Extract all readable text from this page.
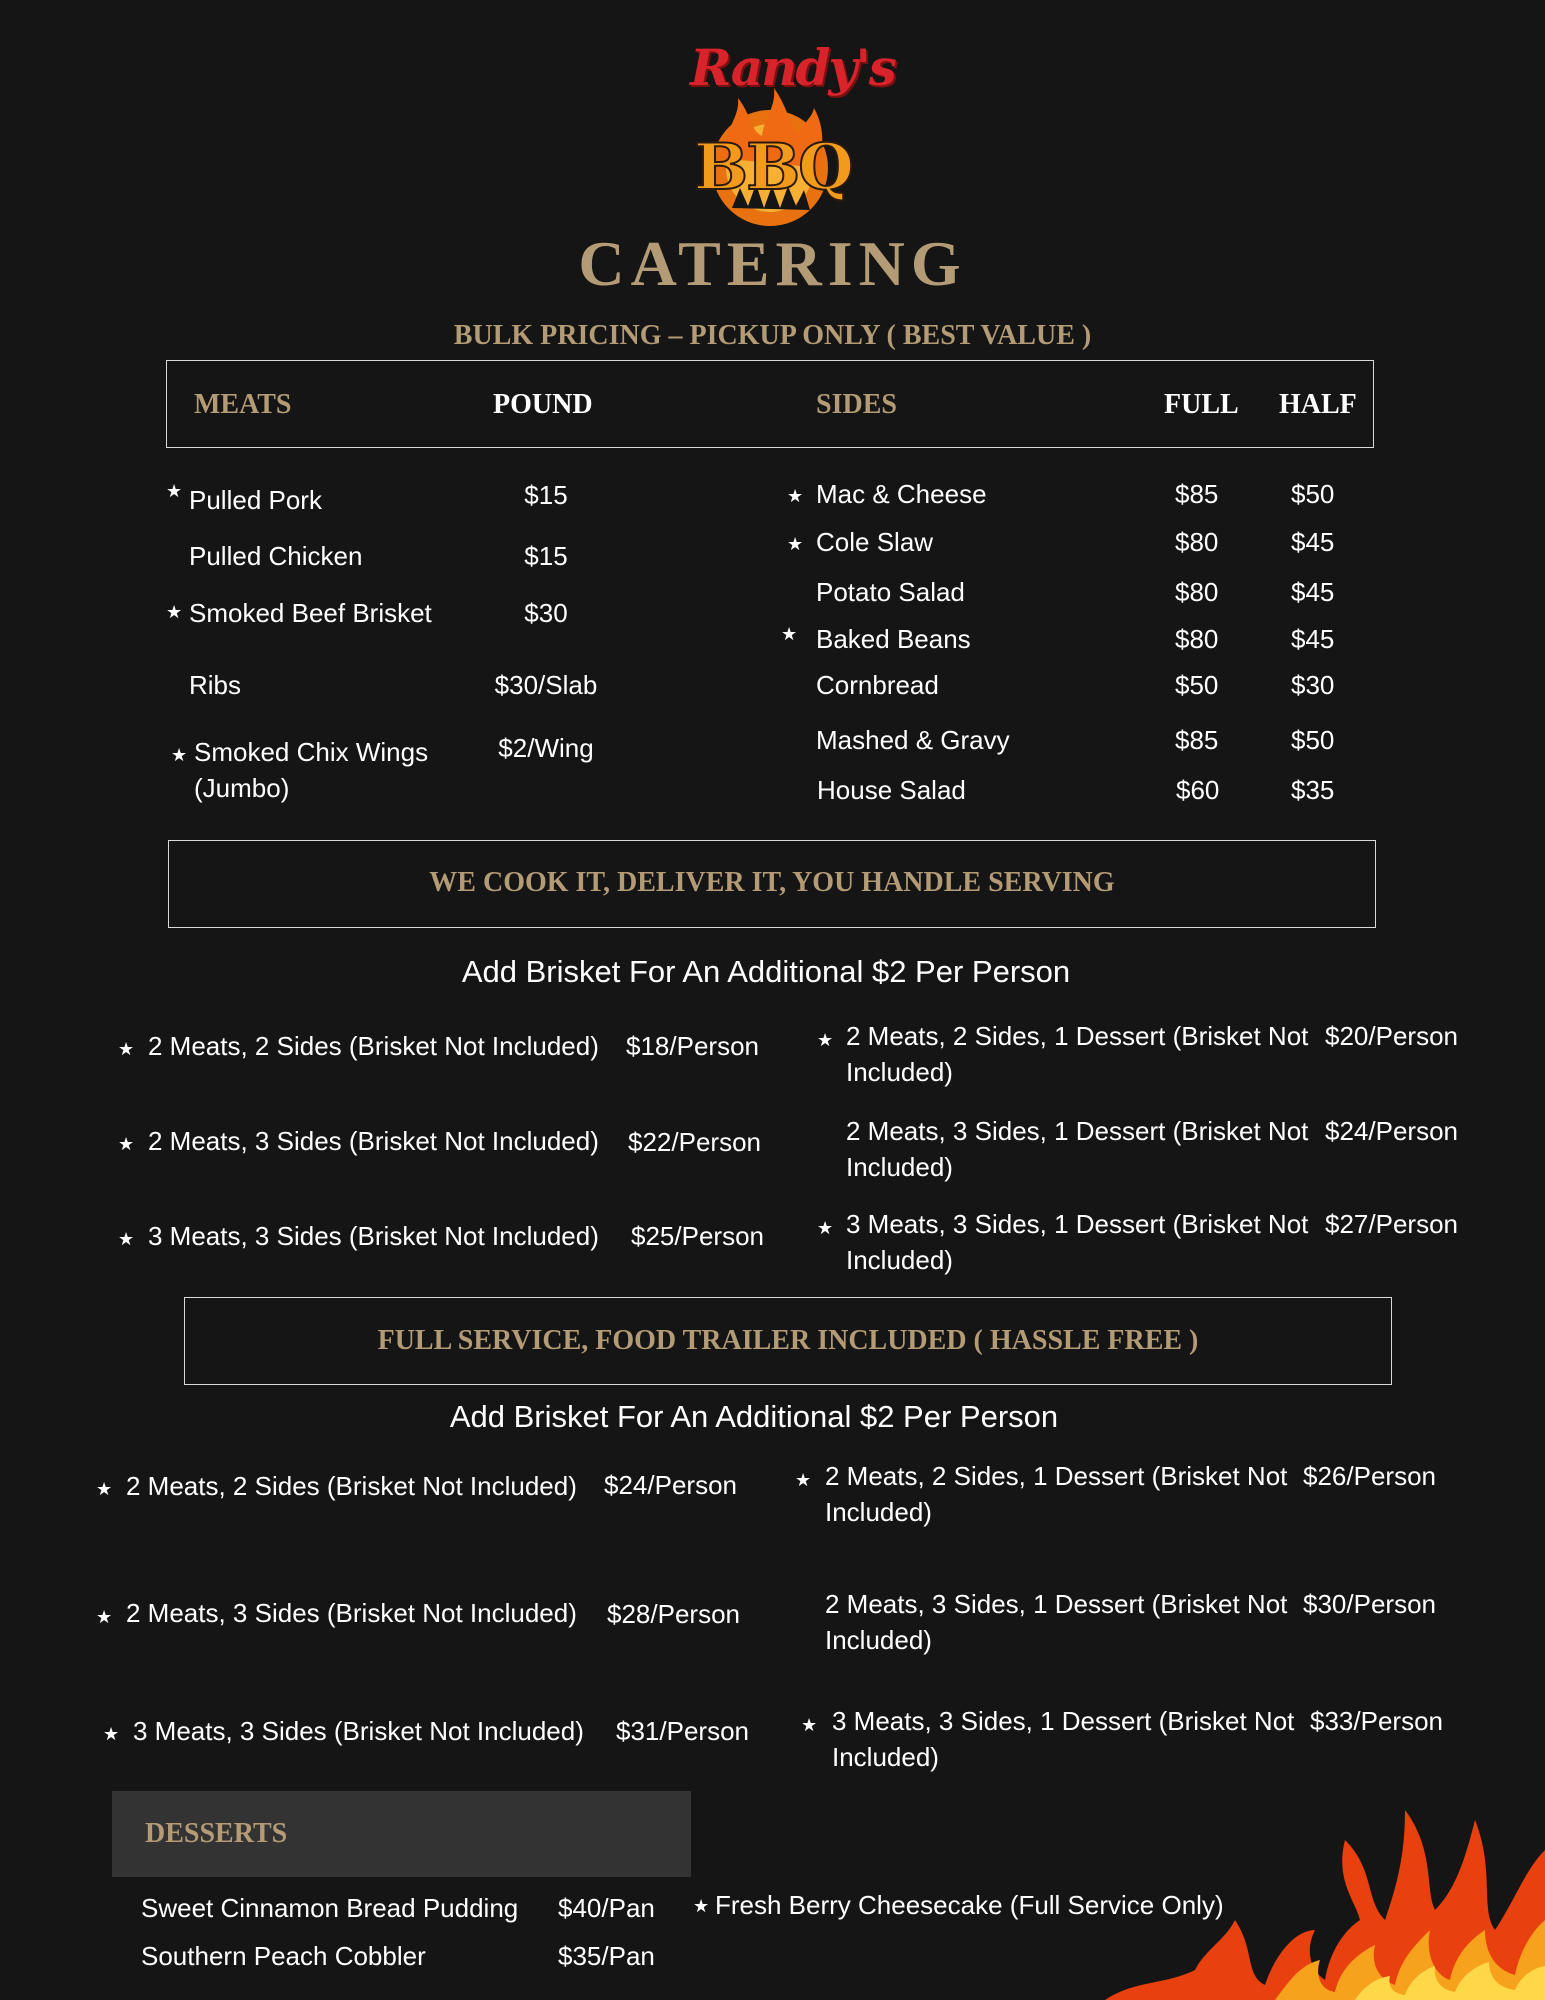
Randy's
BBQ
CATERING
BULK PRICING – PICKUP ONLY ( BEST VALUE )
MEATS	POUND	SIDES	FULL HALF
★ Pulled Pork	$15
Pulled Chicken	$15
★ Smoked Beef Brisket	$30
Ribs	$30/Slab
★ Smoked Chix Wings
(Jumbo)
$2/Wing
★ Mac & Cheese	$85	$50
★ Cole Slaw	$80	$45
Potato Salad	$80	$45
★ Baked Beans	$80	$45
Cornbread	$50	$30
Mashed & Gravy	$85	$50
House Salad	$60	$35
WE COOK IT, DELIVER IT, YOU HANDLE SERVING
Add Brisket For An Additional $2 Per Person
★ 2 Meats, 2 Sides (Brisket Not Included) $18/Person
★ 2 Meats, 3 Sides (Brisket Not Included) $22/Person
★ 3 Meats, 3 Sides (Brisket Not Included) $25/Person
★ 2 Meats, 2 Sides, 1 Dessert (Brisket Not Included)
$20/Person
2 Meats, 3 Sides, 1 Dessert (Brisket Not Included)
$24/Person
★ 3 Meats, 3 Sides, 1 Dessert (Brisket Not Included)
$27/Person
FULL SERVICE, FOOD TRAILER INCLUDED ( HASSLE FREE )
Add Brisket For An Additional $2 Per Person
★ 2 Meats, 2 Sides (Brisket Not Included) $24/Person
★ 2 Meats, 3 Sides (Brisket Not Included) $28/Person
★ 3 Meats, 3 Sides (Brisket Not Included) $31/Person
★ 2 Meats, 2 Sides, 1 Dessert (Brisket Not Included)
$26/Person
2 Meats, 3 Sides, 1 Dessert (Brisket Not Included)
$30/Person
★ 3 Meats, 3 Sides, 1 Dessert (Brisket Not Included)
$33/Person
DESSERTS
Sweet Cinnamon Bread Pudding $40/Pan
Southern Peach Cobbler	$35/Pan
★ Fresh Berry Cheesecake (Full Service Only)
